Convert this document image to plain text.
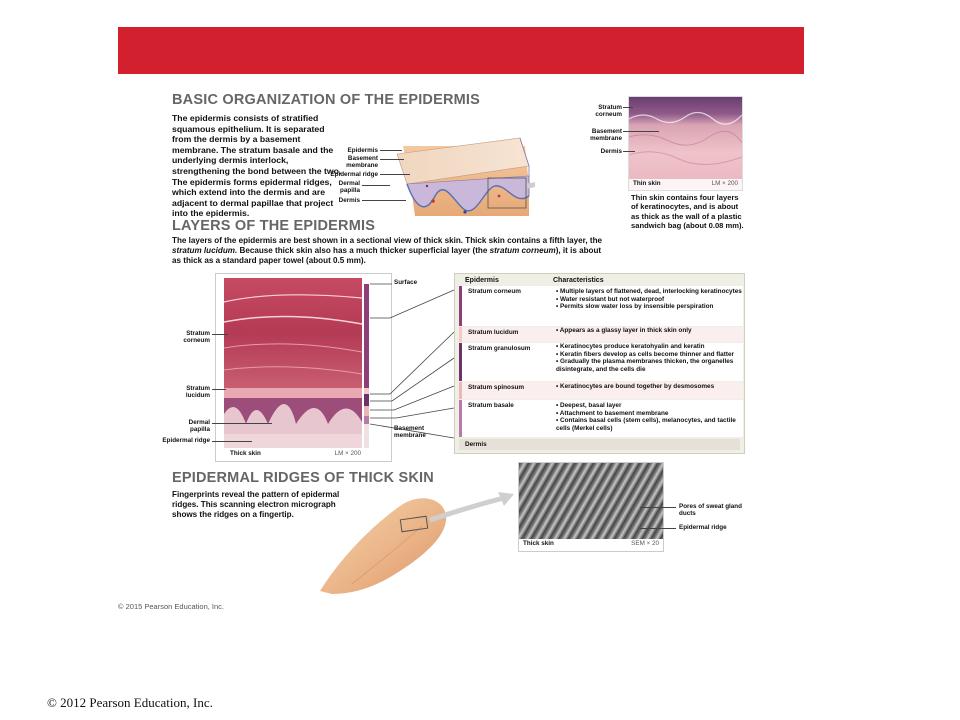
BASIC ORGANIZATION OF THE EPIDERMIS
The epidermis consists of stratified squamous epithelium. It is separated from the dermis by a basement membrane. The stratum basale and the underlying dermis interlock, strengthening the bond between the two. The epidermis forms epidermal ridges, which extend into the dermis and are adjacent to dermal papillae that project into the epidermis.
Epidermis
Basement membrane
Epidermal ridge
Dermal papilla
Dermis
Thin skin	LM × 200
Stratum corneum
Basement membrane
Dermis
Thin skin contains four layers of keratinocytes, and is about as thick as the wall of a plastic sandwich bag (about 0.08 mm).
LAYERS OF THE EPIDERMIS
The layers of the epidermis are best shown in a sectional view of thick skin. Thick skin contains a fifth layer, the stratum lucidum. Because thick skin also has a much thicker superficial layer (the stratum corneum), it is about as thick as a standard paper towel (about 0.5 mm).
Thick skin	LM × 200
Surface
Stratum corneum
Stratum lucidum
Dermal papilla
Epidermal ridge
Basement membrane
Epidermis	Characteristics
Stratum corneum	• Multiple layers of flattened, dead, interlocking keratinocytes
• Water resistant but not waterproof
• Permits slow water loss by insensible perspiration
Stratum lucidum	• Appears as a glassy layer in thick skin only
Stratum granulosum	• Keratinocytes produce keratohyalin and keratin
• Keratin fibers develop as cells become thinner and flatter
• Gradually the plasma membranes thicken, the organelles disintegrate, and the cells die
Stratum spinosum	• Keratinocytes are bound together by desmosomes
Stratum basale	• Deepest, basal layer
• Attachment to basement membrane
• Contains basal cells (stem cells), melanocytes, and tactile cells (Merkel cells)
Dermis
EPIDERMAL RIDGES OF THICK SKIN
Fingerprints reveal the pattern of epidermal ridges. This scanning electron micrograph shows the ridges on a fingertip.
Thick skin	SEM × 20
Pores of sweat gland ducts
Epidermal ridge
© 2015 Pearson Education, Inc.
© 2012 Pearson Education, Inc.
